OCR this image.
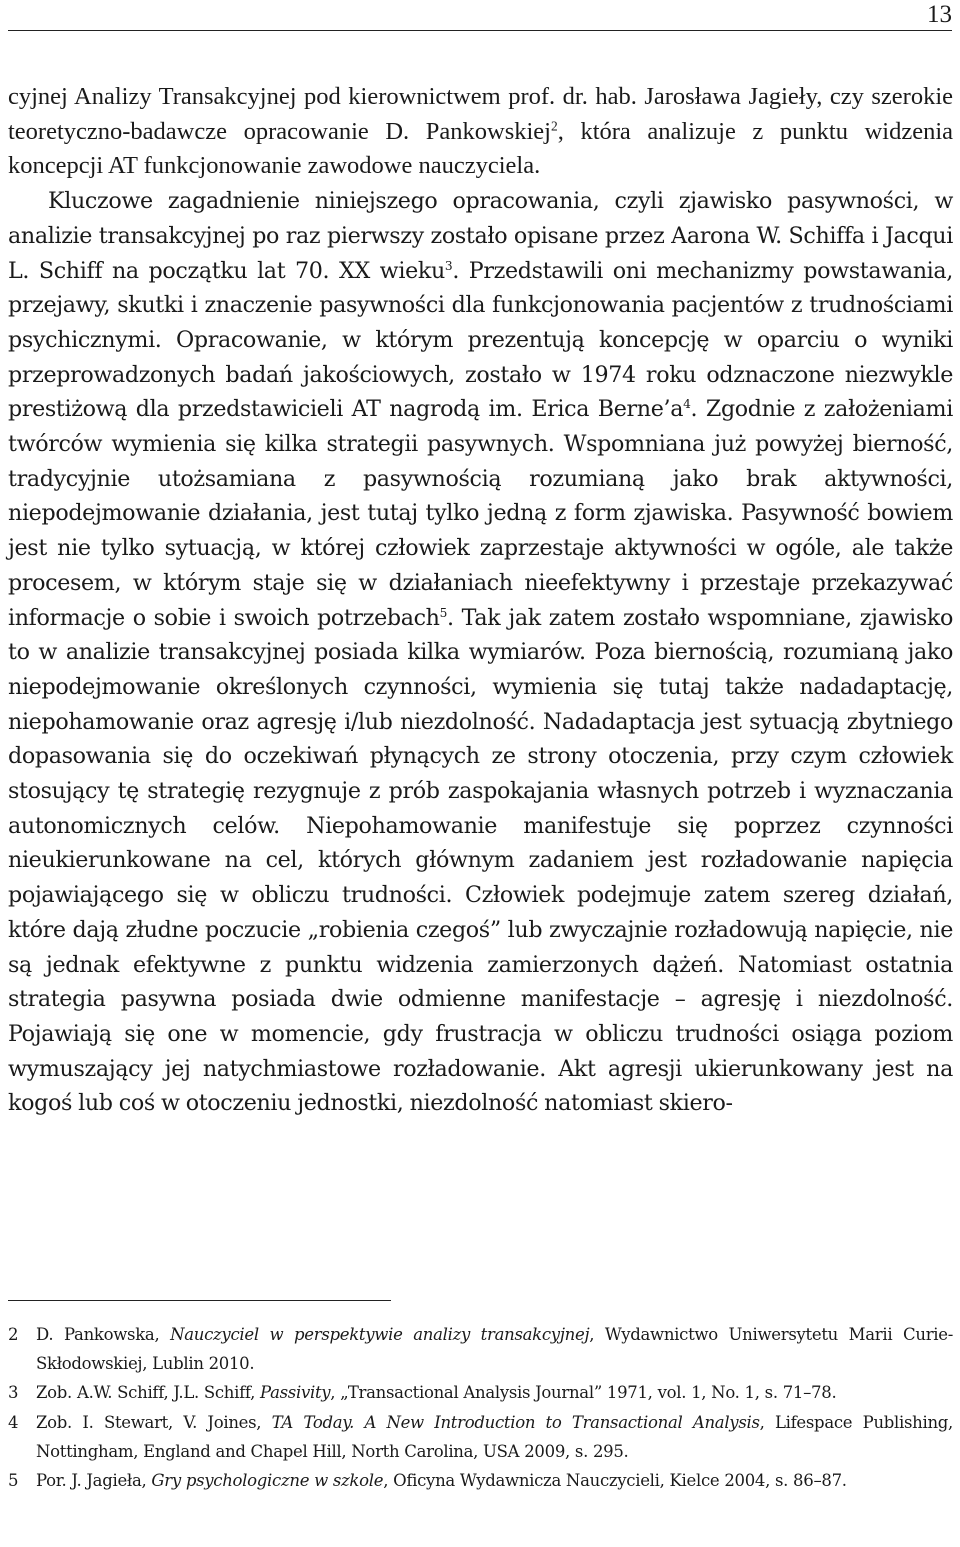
13

cyjnej Analizy Transakcyjnej pod kierownictwem prof. dr. hab. Jarosława Jagieły, czy szerokie teoretyczno-badawcze opracowanie D. Pankowskiej$^2$, która analizuje z punktu widzenia koncepcji AT funkcjonowanie zawodowe nauczyciela.

Kluczowe zagadnienie niniejszego opracowania, czyli zjawisko pasywności, w analizie transakcyjnej po raz pierwszy zostało opisane przez Aarona W. Schiffa i Jacqui L. Schiff na początku lat 70. XX wieku$^3$. Przedstawili oni mechanizmy powstawania, przejawy, skutki i znaczenie pasywności dla funkcjonowania pacjentów z trudnościami psychicznymi. Opracowanie, w którym prezentują koncepcję w oparciu o wyniki przeprowadzonych badań jakościowych, zostało w 1974 roku odznaczone niezwykle prestiżową dla przedstawicieli AT nagrodą im. Erica $Berne’a^4$. Zgodnie z założeniami twórców wymienia się kilka strategii pasywnych. Wspomniana już powyżej bierność, tradycyjnie utożsamiana z pasywnością rozumianą jako brak aktywności, niepodejmowanie działania, jest tutaj tylko jedną z form zjawiska. Pasywność bowiem jest nie tylko sytuacją, w której człowiek zaprzestaje aktywności w ogóle, ale także procesem, w którym staje się w działaniach nieefektywny i przestaje przekazywać informacje o sobie i swoich potrzebach$^5$. Tak jak zatem zostało wspomniane, zjawisko to w analizie transakcyjnej posiada kilka wymiarów. Poza biernością, rozumianą jako niepodejmowanie określonych czynności, wymienia się tutaj także nadadaptację, niepohamowanie oraz agresję i/lub niezdolność. Nadadaptacja jest sytuacją zbytniego dopasowania się do oczekiwań płynących ze strony otoczenia, przy czym człowiek stosujący tę strategię rezygnuje z prób zaspokajania własnych potrzeb i wyznaczania autonomicznych celów. Niepohamowanie manifestuje się poprzez czynności nieukierunkowane na cel, których głównym zadaniem jest rozładowanie napięcia pojawiającego się w obliczu trudności. Człowiek podejmuje zatem szereg działań, które dają złudne poczucie „robienia czegoś” lub zwyczajnie rozładowują napięcie, nie są jednak efektywne z punktu widzenia zamierzonych dążeń. Natomiast ostatnia strategia pasywna posiada dwie odmienne manifestacje – agresję i niezdolność. Pojawiają się one w momencie, gdy frustracja w obliczu trudności osiąga poziom wymuszający jej natychmiastowe rozładowanie. Akt agresji ukierunkowany jest na kogoś lub coś w otoczeniu jednostki, niezdolność natomiast skiero-

2	D. Pankowska, Nauczyciel w perspektywie analizy transakcyjnej, Wydawnictwo Uniwersytetu Marii Curie-Skłodowskiej, Lublin 2010.
3	Zob. A.W. Schiff, J.L. Schiff, Passivity, „Transactional Analysis Journal” 1971, vol. 1, No. 1, s. 71–78.
4	Zob. I. Stewart, V. Joines, TA Today. A New Introduction to Transactional Analysis, Lifespace Publishing, Nottingham, England and Chapel Hill, North Carolina, USA 2009, s. 295.
5	Por. J. Jagieła, Gry psychologiczne w szkole, Oficyna Wydawnicza Nauczycieli, Kielce 2004, s. 86–87.
